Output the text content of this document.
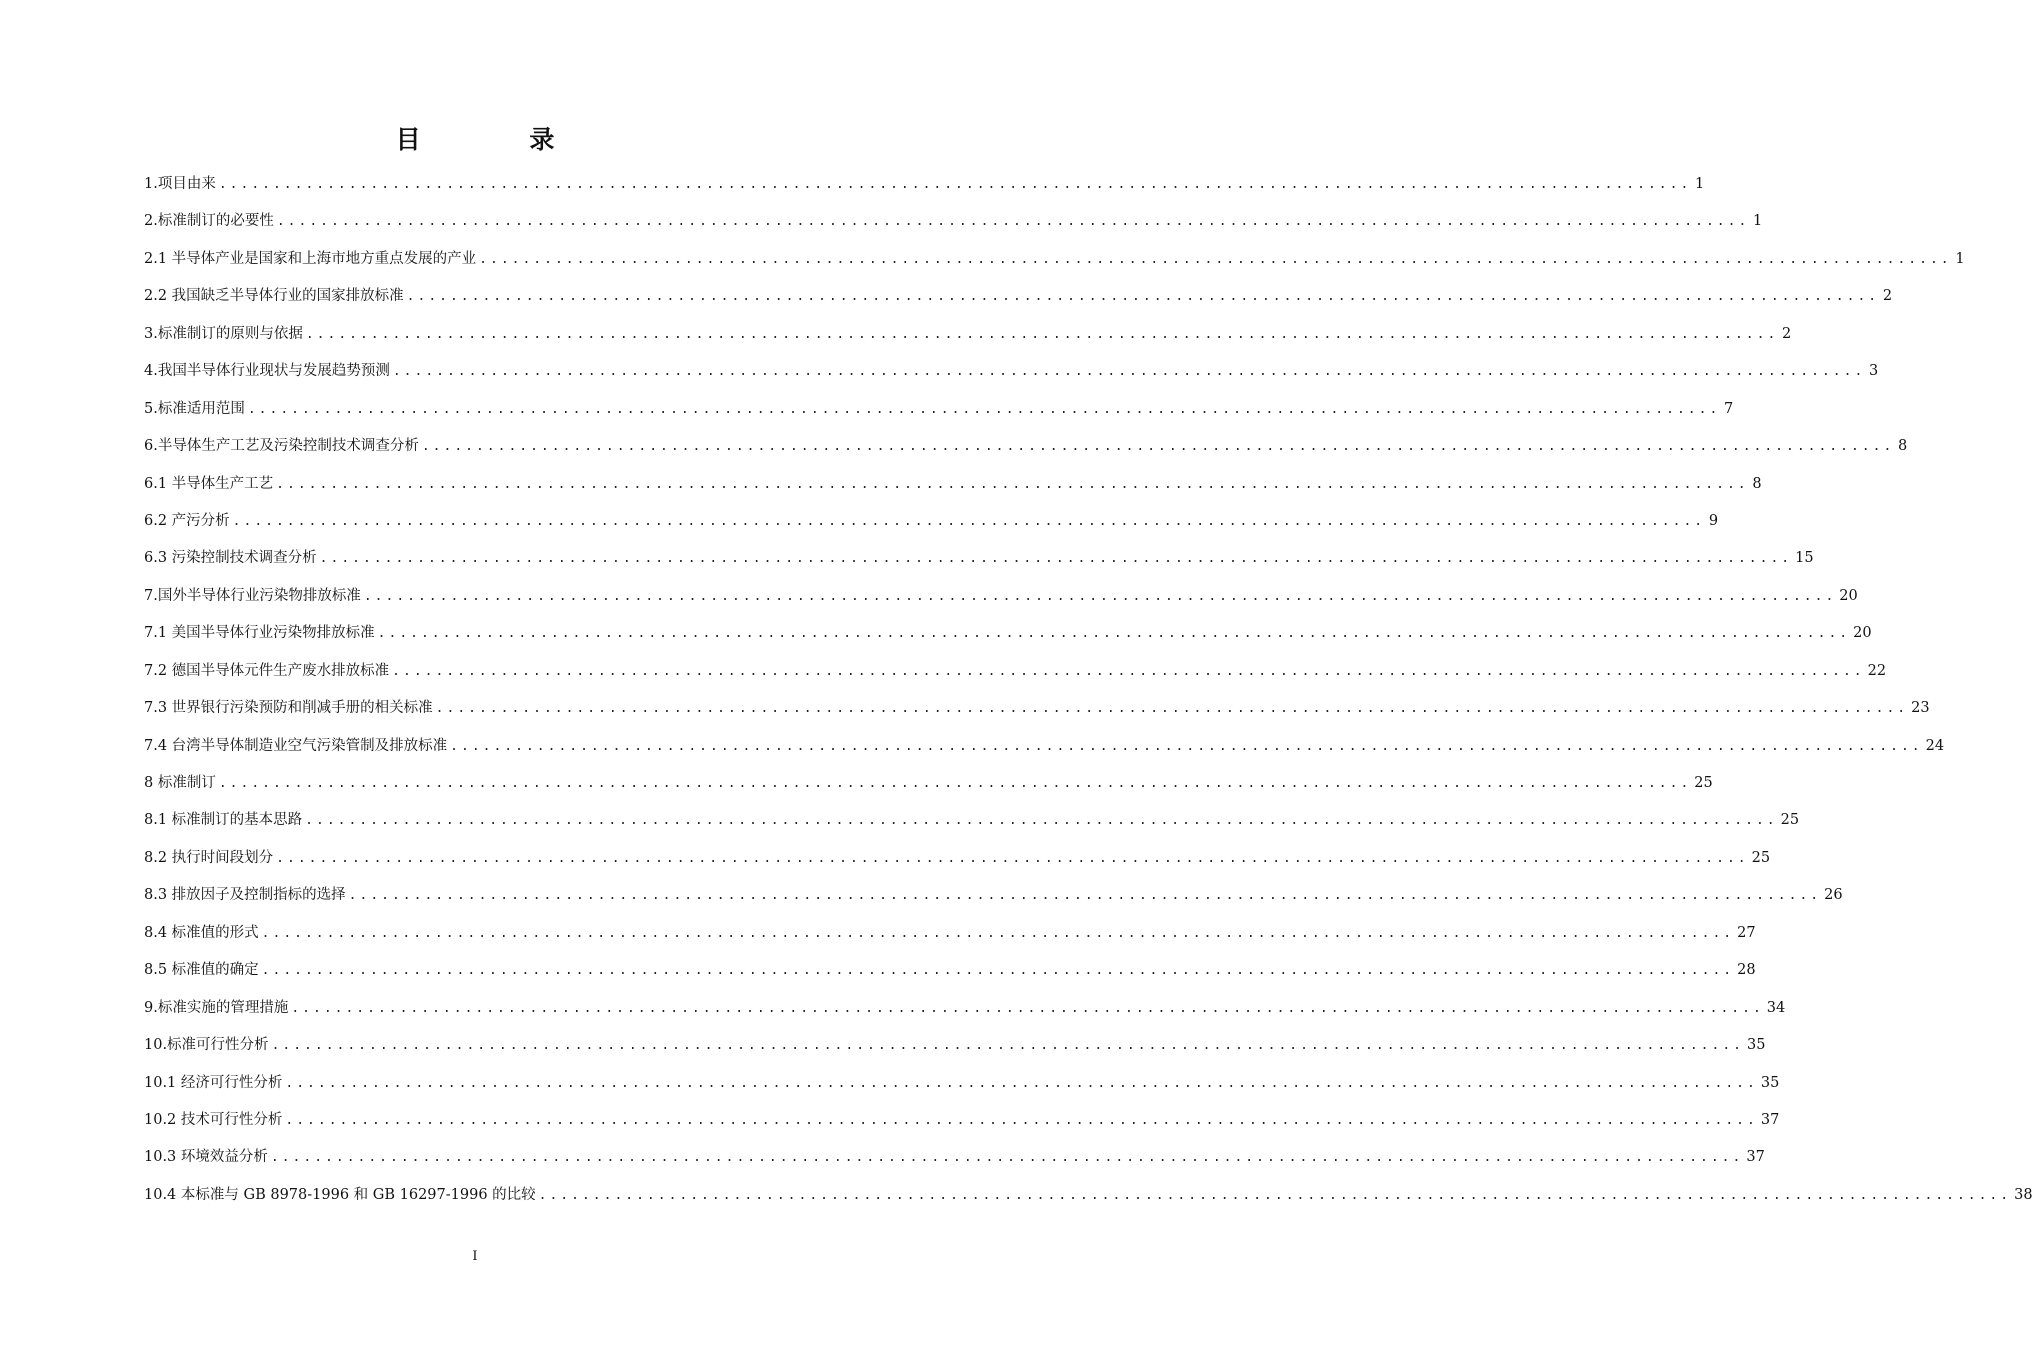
目 录
1.项目由来 ........................................................................................................................................ 1
2.标准制订的必要性 ........................................................................................................................................ 1
2.1 半导体产业是国家和上海市地方重点发展的产业 ........................................................................................................................................ 1
2.2 我国缺乏半导体行业的国家排放标准 ........................................................................................................................................ 2
3.标准制订的原则与依据 ........................................................................................................................................ 2
4.我国半导体行业现状与发展趋势预测 ........................................................................................................................................ 3
5.标准适用范围 ........................................................................................................................................ 7
6.半导体生产工艺及污染控制技术调查分析 ........................................................................................................................................ 8
6.1 半导体生产工艺 ........................................................................................................................................ 8
6.2 产污分析 ........................................................................................................................................ 9
6.3 污染控制技术调查分析 ........................................................................................................................................ 15
7.国外半导体行业污染物排放标准 ........................................................................................................................................ 20
7.1 美国半导体行业污染物排放标准 ........................................................................................................................................ 20
7.2 德国半导体元件生产废水排放标准 ........................................................................................................................................ 22
7.3 世界银行污染预防和削减手册的相关标准 ........................................................................................................................................ 23
7.4 台湾半导体制造业空气污染管制及排放标准 ........................................................................................................................................ 24
8 标准制订 ........................................................................................................................................ 25
8.1 标准制订的基本思路 ........................................................................................................................................ 25
8.2 执行时间段划分 ........................................................................................................................................ 25
8.3 排放因子及控制指标的选择 ........................................................................................................................................ 26
8.4 标准值的形式 ........................................................................................................................................ 27
8.5 标准值的确定 ........................................................................................................................................ 28
9.标准实施的管理措施 ........................................................................................................................................ 34
10.标准可行性分析 ........................................................................................................................................ 35
10.1 经济可行性分析 ........................................................................................................................................ 35
10.2 技术可行性分析 ........................................................................................................................................ 37
10.3 环境效益分析 ........................................................................................................................................ 37
10.4 本标准与 GB 8978-1996 和 GB 16297-1996 的比较 ........................................................................................................................................ 38
I
